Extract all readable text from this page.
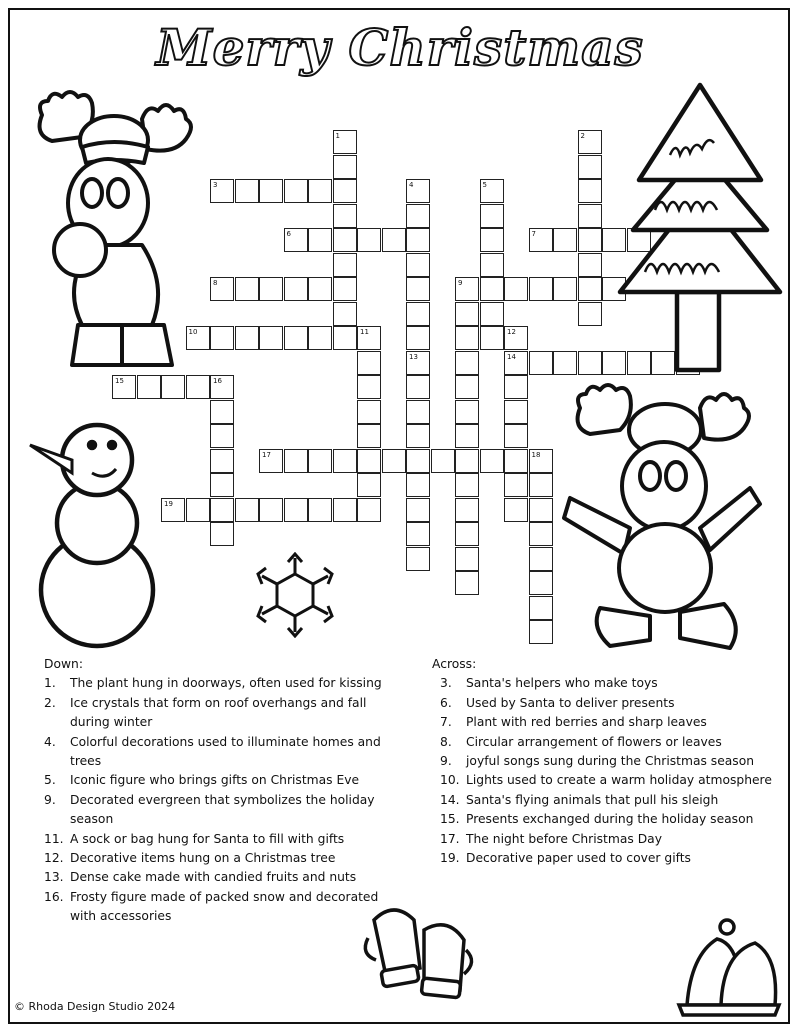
Merry Christmas
1	2
3	4	5
6	7
8	9
10	11	12
13	14
15	16
17	18
19
Down:
1.	The plant hung in doorways, often used for kissing
2.	Ice crystals that form on roof overhangs and fall during winter
4.	Colorful decorations used to illuminate homes and trees
5.	Iconic figure who brings gifts on Christmas Eve
9.	Decorated evergreen that symbolizes the holiday season
11. A sock or bag hung for Santa to fill with gifts
12. Decorative items hung on a Christmas tree
13. Dense cake made with candied fruits and nuts
16. Frosty figure made of packed snow and decorated with accessories
Across:
3.	Santa's helpers who make toys
6.	Used by Santa to deliver presents
7.	Plant with red berries and sharp leaves
8.	Circular arrangement of flowers or leaves
9.	joyful songs sung during the Christmas season
10. Lights used to create a warm holiday atmosphere
14. Santa's flying animals that pull his sleigh
15. Presents exchanged during the holiday season
17. The night before Christmas Day
19. Decorative paper used to cover gifts
© Rhoda Design Studio 2024
